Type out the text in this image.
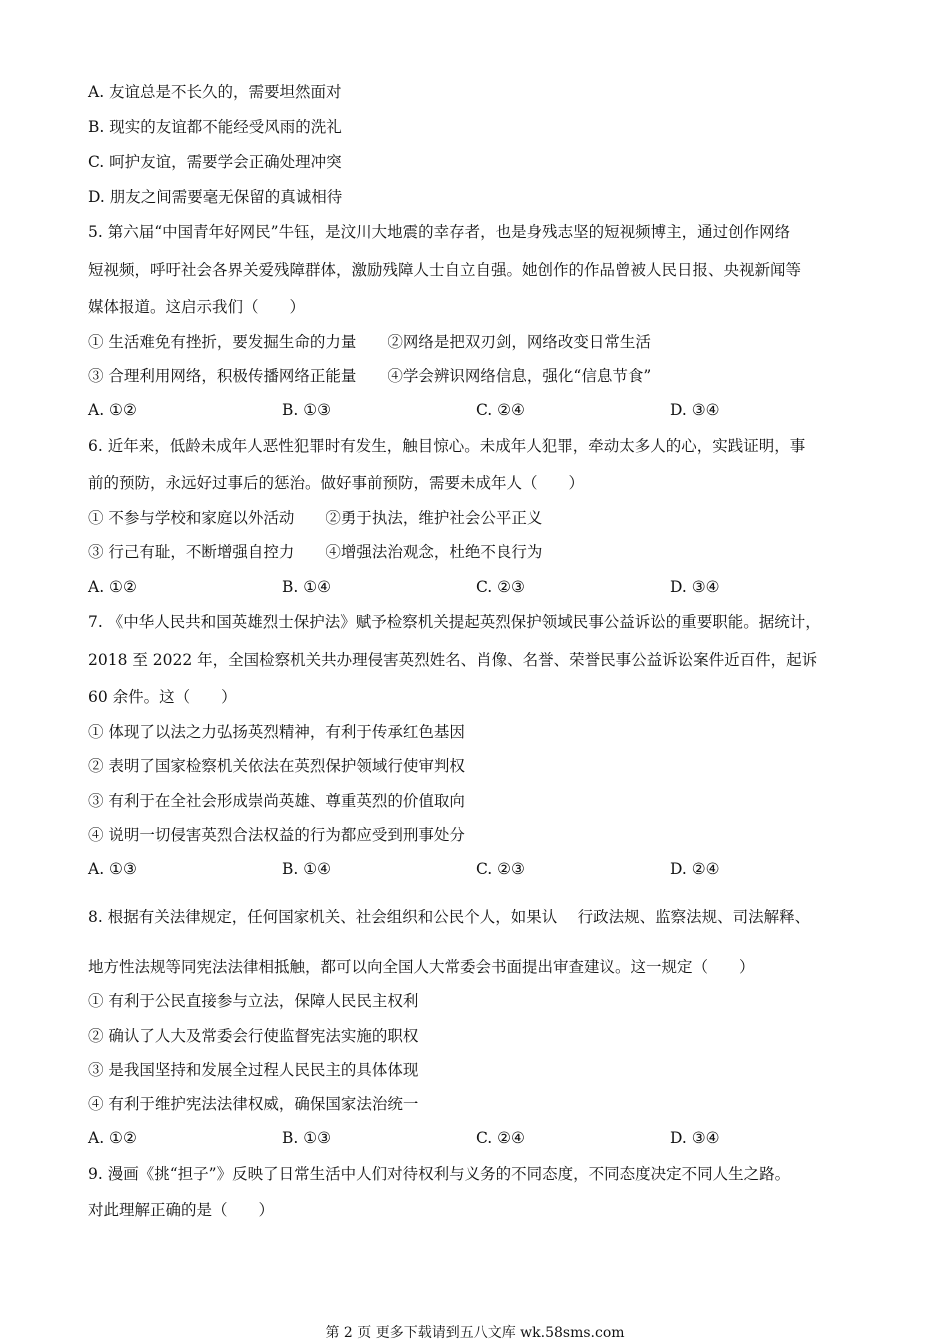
A. 友谊总是不长久的，需要坦然面对
B. 现实的友谊都不能经受风雨的洗礼
C. 呵护友谊，需要学会正确处理冲突
D. 朋友之间需要毫无保留的真诚相待
5. 第六届“中国青年好网民”牛钰，是汶川大地震的幸存者，也是身残志坚的短视频博主，通过创作网络
短视频，呼吁社会各界关爱残障群体，激励残障人士自立自强。她创作的作品曾被人民日报、央视新闻等
媒体报道。这启示我们（　　）
① 生活难免有挫折，要发掘生命的力量　　②网络是把双刃剑，网络改变日常生活
③ 合理利用网络，积极传播网络正能量　　④学会辨识网络信息，强化“信息节食”
A. ①②	B. ①③	C. ②④	D. ③④
6. 近年来，低龄未成年人恶性犯罪时有发生，触目惊心。未成年人犯罪，牵动太多人的心，实践证明，事
前的预防，永远好过事后的惩治。做好事前预防，需要未成年人（　　）
① 不参与学校和家庭以外活动　　②勇于执法，维护社会公平正义
③ 行己有耻，不断增强自控力　　④增强法治观念，杜绝不良行为
A. ①②	B. ①④	C. ②③	D. ③④
7. 《中华人民共和国英雄烈士保护法》赋予检察机关提起英烈保护领域民事公益诉讼的重要职能。据统计，
2018 至 2022 年，全国检察机关共办理侵害英烈姓名、肖像、名誉、荣誉民事公益诉讼案件近百件，起诉
60 余件。这（　　）
① 体现了以法之力弘扬英烈精神，有利于传承红色基因
② 表明了国家检察机关依法在英烈保护领域行使审判权
③ 有利于在全社会形成崇尚英雄、尊重英烈的价值取向
④ 说明一切侵害英烈合法权益的行为都应受到刑事处分
A. ①③	B. ①④	C. ②③	D. ②④
8. 根据有关法律规定，任何国家机关、社会组织和公民个人，如果认　 行政法规、监察法规、司法解释、
地方性法规等同宪法法律相抵触，都可以向全国人大常委会书面提出审查建议。这一规定（　　）
① 有利于公民直接参与立法，保障人民民主权利
② 确认了人大及常委会行使监督宪法实施的职权
③ 是我国坚持和发展全过程人民民主的具体体现
④ 有利于维护宪法法律权威，确保国家法治统一
A. ①②	B. ①③	C. ②④	D. ③④
9. 漫画《挑“担子”》反映了日常生活中人们对待权利与义务的不同态度，不同态度决定不同人生之路。
对此理解正确的是（　　）
第 2 页 更多下载请到五八文库 wk.58sms.com
